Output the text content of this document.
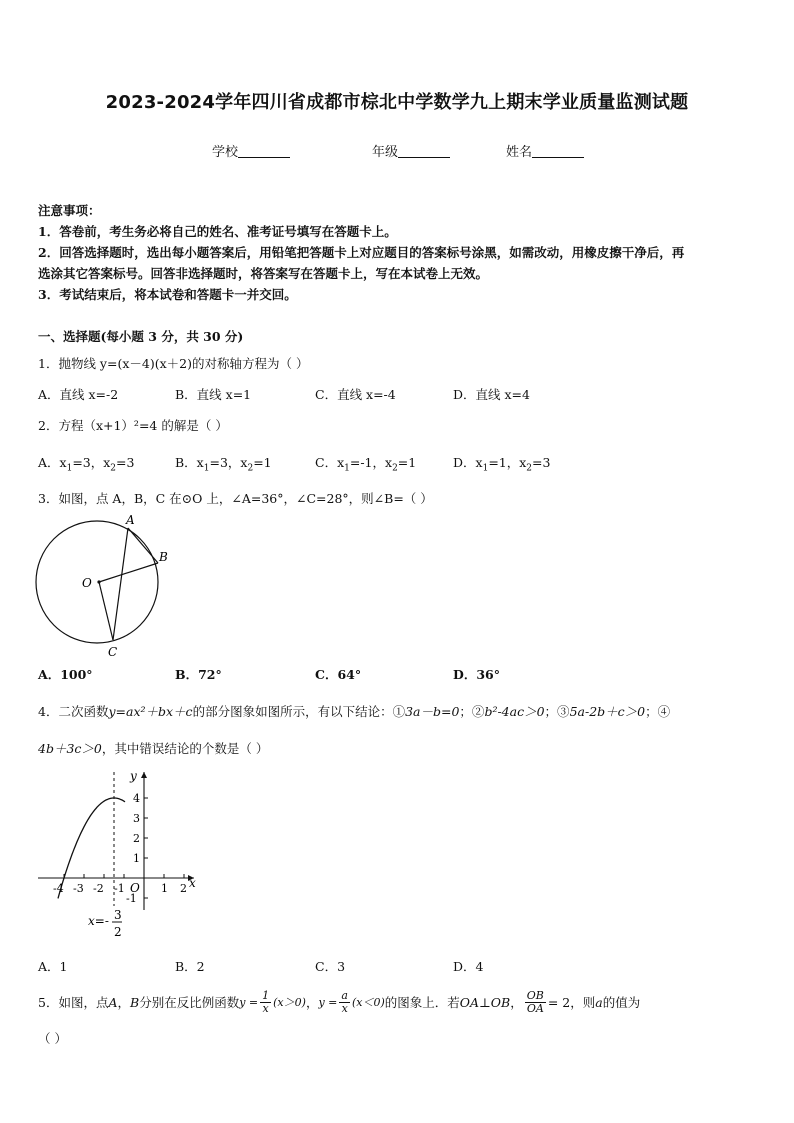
2023-2024学年四川省成都市棕北中学数学九上期末学业质量监测试题
学校	年级	姓名
注意事项：
1．答卷前，考生务必将自己的姓名、准考证号填写在答题卡上。
2．回答选择题时，选出每小题答案后，用铅笔把答题卡上对应题目的答案标号涂黑，如需改动，用橡皮擦干净后，再
选涂其它答案标号。回答非选择题时，将答案写在答题卡上，写在本试卷上无效。
3．考试结束后，将本试卷和答题卡一并交回。
一、选择题(每小题 3 分，共 30 分)
1．抛物线 y=(x－4)(x＋2)的对称轴方程为（ ）
A．直线 x=-2	B．直线 x=1	C．直线 x=-4	D．直线 x=4
2．方程（x+1）²=4 的解是（ ）
A．$x_1=3$，$x_2=3$	B．$x_1=3$，$x_2=1$	C．$x_1=-1$，$x_2=1$	D．$x_1=1$，$x_2=3$
3．如图，点 A，B，C 在⊙O 上，∠A=36°，∠C=28°，则∠B=（ ）
A
B
O
C
A．100°	B．72°	C．64°	D．36°
4．二次函数y=ax²＋bx＋c的部分图象如图所示，有以下结论：①3a－b=0；②b²-4ac＞0；③5a-2b＋c＞0；④
4b＋3c＞0，其中错误结论的个数是（ ）
y
x
O
4
3
2
1
-1
-4 -3 -2 -1	1 2
x=- 3
2
A．1	B．2	C．3	D．4
5．如图，点 A ， B 分别在反比例函数 $y = \frac{1}{x} (x>0)$ ， $y = \frac{a}{x} (x<0)$ 的图象上．若 OA⊥OB ， $\frac{OB}{OA} = 2$ ，则 a 的值为
（ ）
